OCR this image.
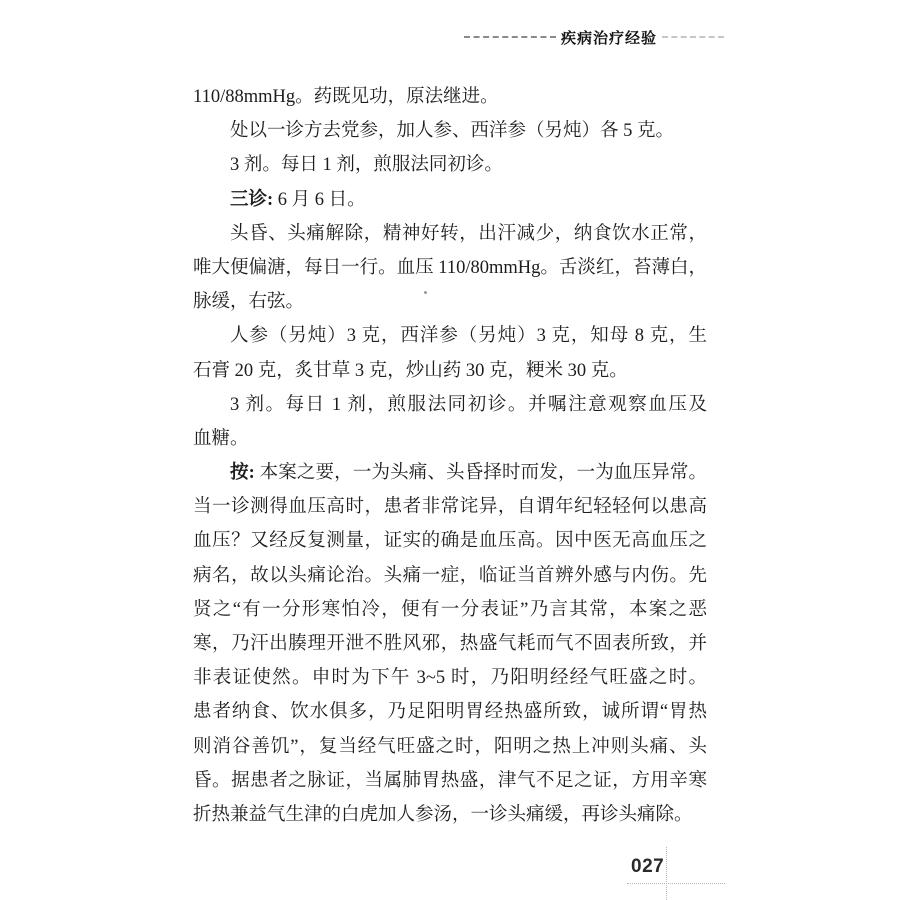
疾病治疗经验
110/88mmHg。药既见功，原法继进。
处以一诊方去党参，加人参、西洋参（另炖）各 5 克。
3 剂。每日 1 剂，煎服法同初诊。
三诊: 6 月 6 日。
头昏、头痛解除，精神好转，出汗减少，纳食饮水正常，
唯大便偏溏，每日一行。血压 110/80mmHg。舌淡红，苔薄白，
脉缓，右弦。
人参（另炖）3 克，西洋参（另炖）3 克，知母 8 克，生
石膏 20 克，炙甘草 3 克，炒山药 30 克，粳米 30 克。
3 剂。每日 1 剂，煎服法同初诊。并嘱注意观察血压及
血糖。
按: 本案之要，一为头痛、头昏择时而发，一为血压异常。
当一诊测得血压高时，患者非常诧异，自谓年纪轻轻何以患高
血压？又经反复测量，证实的确是血压高。因中医无高血压之
病名，故以头痛论治。头痛一症，临证当首辨外感与内伤。先
贤之“有一分形寒怕冷，便有一分表证”乃言其常，本案之恶
寒，乃汗出腠理开泄不胜风邪，热盛气耗而气不固表所致，并
非表证使然。申时为下午 3~5 时，乃阳明经经气旺盛之时。
患者纳食、饮水俱多，乃足阳明胃经热盛所致，诚所谓“胃热
则消谷善饥”，复当经气旺盛之时，阳明之热上冲则头痛、头
昏。据患者之脉证，当属肺胃热盛，津气不足之证，方用辛寒
折热兼益气生津的白虎加人参汤，一诊头痛缓，再诊头痛除。
027
